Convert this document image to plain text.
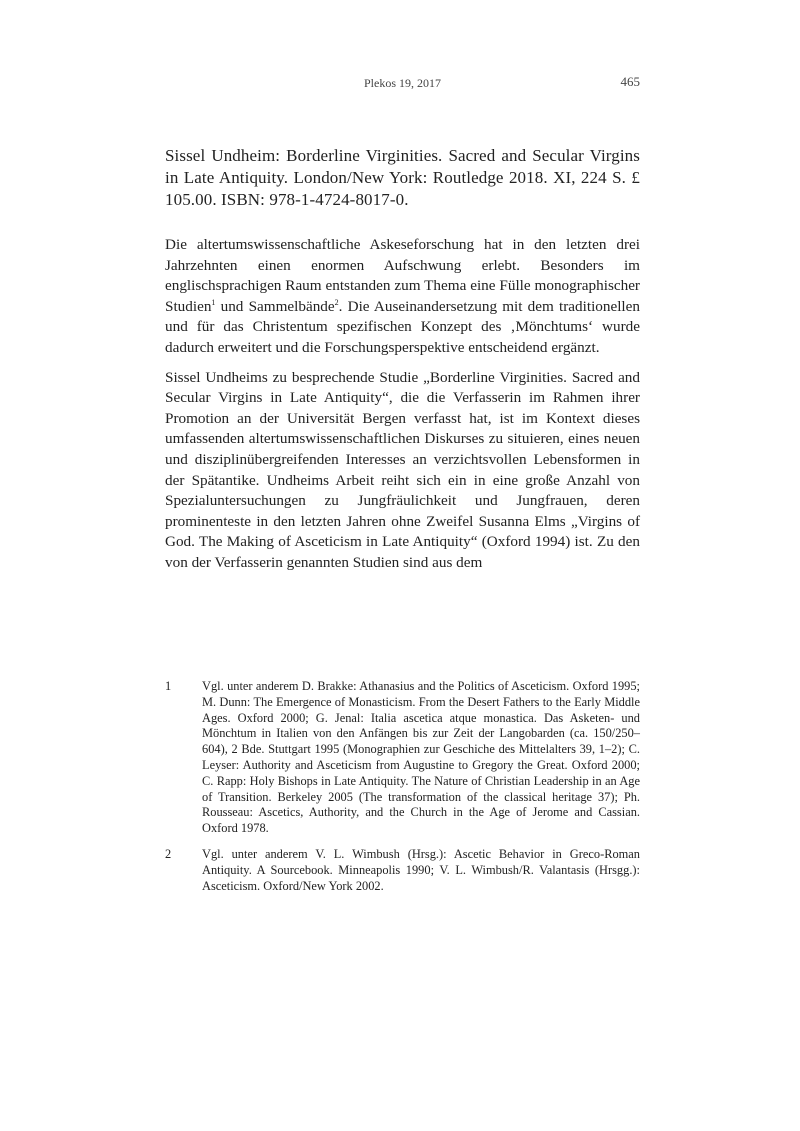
Plekos 19, 2017	465

Sissel Undheim: Borderline Virginities. Sacred and Secular Virgins in Late Antiquity. London/New York: Routledge 2018. XI, 224 S. £ 105.00. ISBN: 978-1-4724-8017-0.

Die altertumswissenschaftliche Askeseforschung hat in den letzten drei Jahrzehnten einen enormen Aufschwung erlebt. Besonders im englischsprachigen Raum entstanden zum Thema eine Fülle monographischer Studien$^1$ und Sammelbände$^2$. Die Auseinandersetzung mit dem traditionellen und für das Christentum spezifischen Konzept des ‚Mönchtums‘ wurde dadurch erweitert und die Forschungsperspektive entscheidend ergänzt.

Sissel Undheims zu besprechende Studie „Borderline Virginities. Sacred and Secular Virgins in Late Antiquity“, die die Verfasserin im Rahmen ihrer Promotion an der Universität Bergen verfasst hat, ist im Kontext dieses umfassenden altertumswissenschaftlichen Diskurses zu situieren, eines neuen und disziplinübergreifenden Interesses an verzichtsvollen Lebensformen in der Spätantike. Undheims Arbeit reiht sich ein in eine große Anzahl von Spezialuntersuchungen zu Jungfräulichkeit und Jungfrauen, deren prominenteste in den letzten Jahren ohne Zweifel Susanna Elms „Virgins of God. The Making of Asceticism in Late Antiquity“ (Oxford 1994) ist. Zu den von der Verfasserin genannten Studien sind aus dem

1	Vgl. unter anderem D. Brakke: Athanasius and the Politics of Asceticism. Oxford 1995; M. Dunn: The Emergence of Monasticism. From the Desert Fathers to the Early Middle Ages. Oxford 2000; G. Jenal: Italia ascetica atque monastica. Das Asketen- und Mönchtum in Italien von den Anfängen bis zur Zeit der Langobarden (ca. 150/250–604), 2 Bde. Stuttgart 1995 (Monographien zur Geschiche des Mittelalters 39, 1–2); C. Leyser: Authority and Asceticism from Augustine to Gregory the Great. Oxford 2000; C. Rapp: Holy Bishops in Late Antiquity. The Nature of Christian Leadership in an Age of Transition. Berkeley 2005 (The transformation of the classical heritage 37); Ph. Rousseau: Ascetics, Authority, and the Church in the Age of Jerome and Cassian. Oxford 1978.
2	Vgl. unter anderem V. L. Wimbush (Hrsg.): Ascetic Behavior in Greco-Roman Antiquity. A Sourcebook. Minneapolis 1990; V. L. Wimbush/R. Valantasis (Hrsgg.): Asceticism. Oxford/New York 2002.
